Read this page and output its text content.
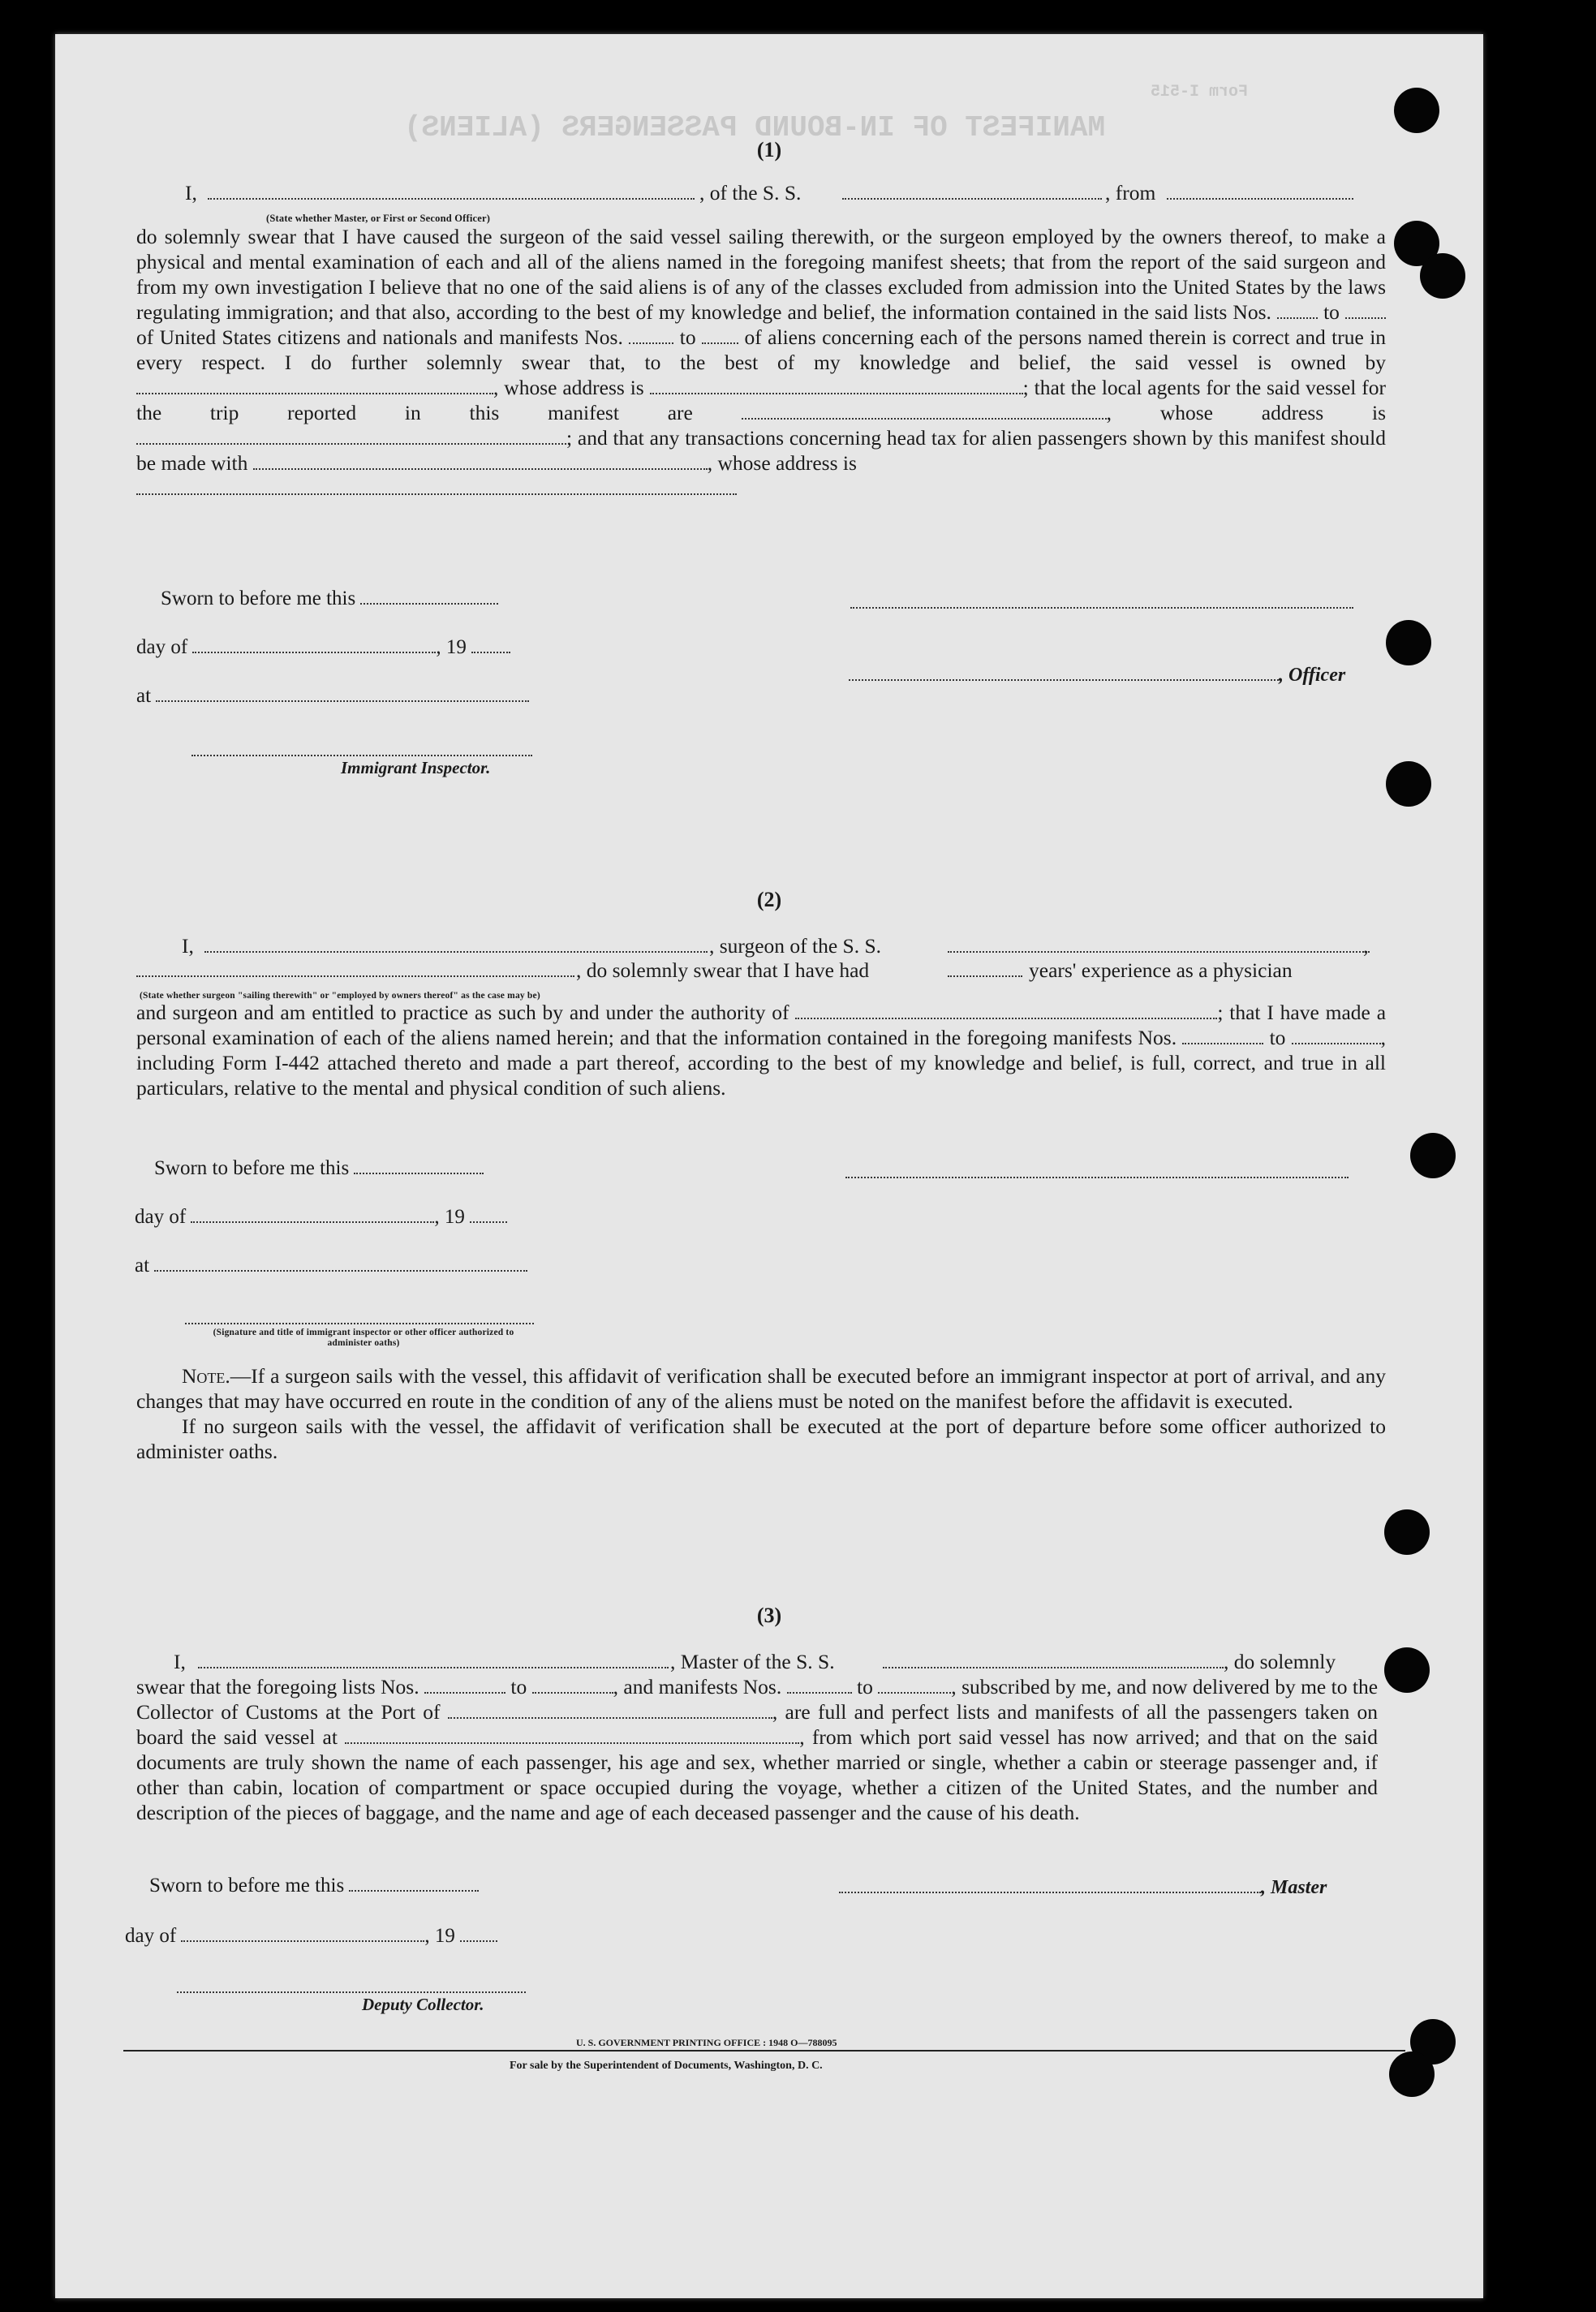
MANIFEST OF IN-BOUND PASSENGERS (ALIENS)
Form I-515
(1)
I,	, of the S. S.	, from
(State whether Master, or First or Second Officer)
do solemnly swear that I have caused the surgeon of the said vessel sailing therewith, or the surgeon employed by the owners thereof, to make a physical and mental examination of each and all of the aliens named in the foregoing manifest sheets; that from the report of the said surgeon and from my own investigation I believe that no one of the said aliens is of any of the classes excluded from admission into the United States by the laws regulating immigration; and that also, according to the best of my knowledge and belief, the information contained in the said lists Nos.	to  of United States citizens and nationals and manifests Nos.	to of aliens concerning each of the persons named therein is correct and true in every respect. I do further solemnly swear that, to the best of my knowledge and belief, the said vessel is owned by , whose address is	; that the local agents for the said vessel for the trip reported in this manifest are	, whose address is ; and that any transactions concerning head tax for alien passengers shown by this manifest should be made with	, whose address is

Sworn to before me this
day of	, 19
at
Immigrant Inspector.
, Officer
(2)
I,	, surgeon of the S. S.	,
, do solemnly swear that I have had	years' experience as a physician
(State whether surgeon "sailing therewith" or "employed by owners thereof" as the case may be)
and surgeon and am entitled to practice as such by and under the authority of	; that I have made a personal examination of each of the aliens named herein; and that the information contained in the foregoing manifests Nos.	to	, including Form I-442 attached thereto and made a part thereof, according to the best of my knowledge and belief, is full, correct, and true in all particulars, relative to the mental and physical condition of such aliens.
Sworn to before me this
day of	, 19
at
(Signature and title of immigrant inspector or other officer authorized to administer oaths)
Note.—If a surgeon sails with the vessel, this affidavit of verification shall be executed before an immigrant inspector at port of arrival, and any changes that may have occurred en route in the condition of any of the aliens must be noted on the manifest before the affidavit is executed.
If no surgeon sails with the vessel, the affidavit of verification shall be executed at the port of departure before some officer authorized to administer oaths.
(3)
I,	, Master of the S. S.	, do solemnly
swear that the foregoing lists Nos.	to	, and manifests Nos.	to	, subscribed by me, and now delivered by me to the Collector of Customs at the Port of	, are full and perfect lists and manifests of all the passengers taken on board the said vessel at	, from which port said vessel has now arrived; and that on the said documents are truly shown the name of each passenger, his age and sex, whether married or single, whether a cabin or steerage passenger and, if other than cabin, location of compartment or space occupied during the voyage, whether a citizen of the United States, and the number and description of the pieces of baggage, and the name and age of each deceased passenger and the cause of his death.
Sworn to before me this
day of	, 19
Deputy Collector.
, Master
U. S. GOVERNMENT PRINTING OFFICE : 1948 O—788095
For sale by the Superintendent of Documents, Washington, D. C.
